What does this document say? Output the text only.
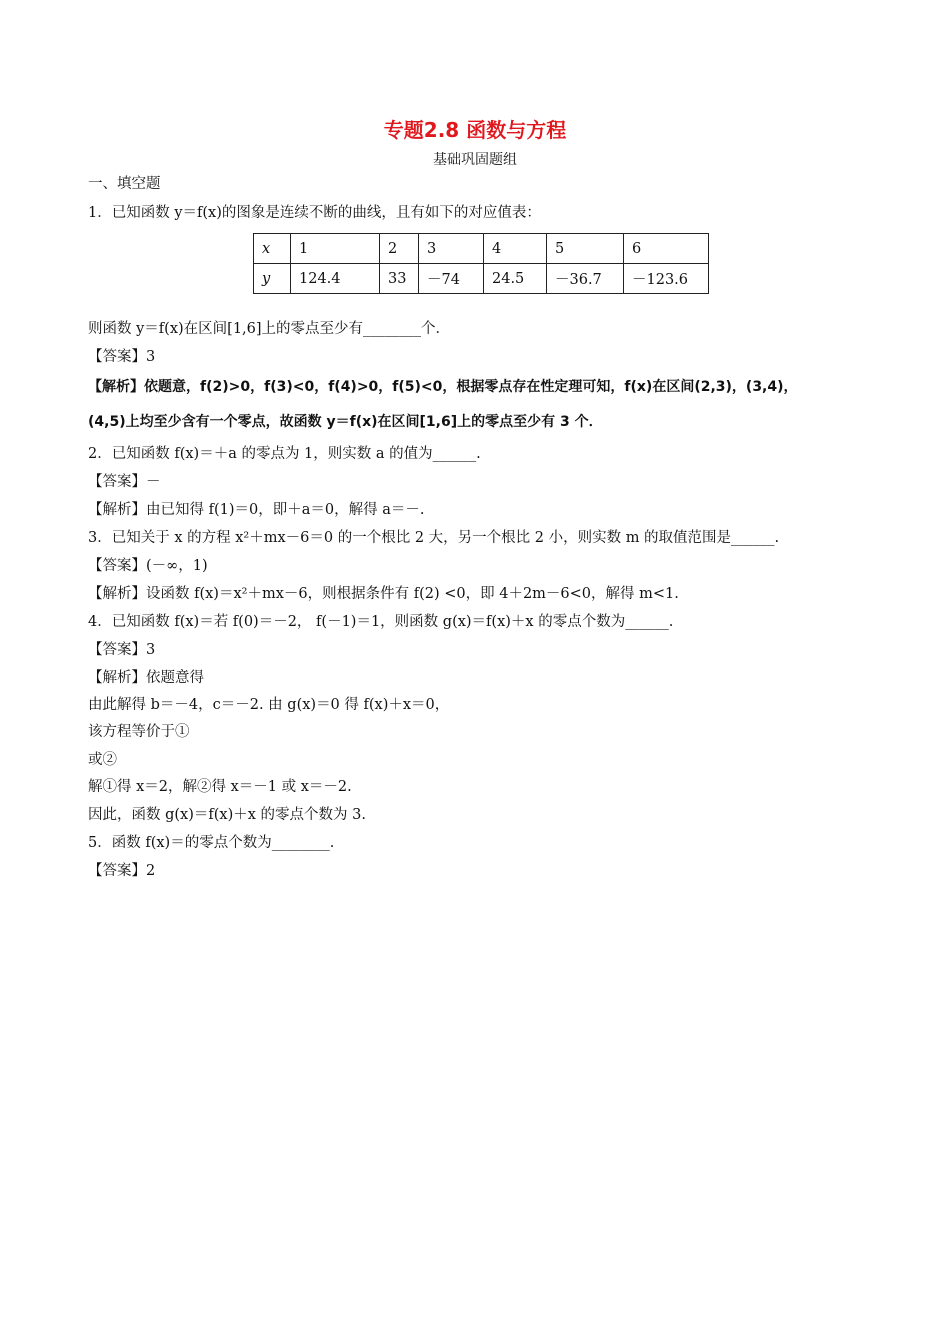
专题2.8 函数与方程
基础巩固题组
一、填空题
1．已知函数 y＝f(x)的图象是连续不断的曲线，且有如下的对应值表：
x	1	2	3	4	5	6
y	124.4	33	－74	24.5	－36.7	－123.6
则函数 y＝f(x)在区间[1,6]上的零点至少有________个．
【答案】3
【解析】依题意，f(2)>0，f(3)<0，f(4)>0，f(5)<0，根据零点存在性定理可知，f(x)在区间(2,3)，(3,4)，
(4,5)上均至少含有一个零点，故函数 y＝f(x)在区间[1,6]上的零点至少有 3 个．
2．已知函数 f(x)＝＋a 的零点为 1，则实数 a 的值为______.
【答案】－
【解析】由已知得 f(1)＝0，即＋a＝0，解得 a＝－.
3．已知关于 x 的方程 x²＋mx－6＝0 的一个根比 2 大，另一个根比 2 小，则实数 m 的取值范围是______.
【答案】(－∞，1)
【解析】设函数 f(x)＝x²＋mx－6，则根据条件有 f(2) <0，即 4＋2m－6<0，解得 m<1.
4．已知函数 f(x)＝若 f(0)＝－2， f(－1)＝1，则函数 g(x)＝f(x)＋x 的零点个数为______.
【答案】3
【解析】依题意得
由此解得 b＝－4，c＝－2. 由 g(x)＝0 得 f(x)＋x＝0，
该方程等价于①
或②
解①得 x＝2，解②得 x＝－1 或 x＝－2.
因此，函数 g(x)＝f(x)＋x 的零点个数为 3.
5．函数 f(x)＝的零点个数为________.
【答案】2
